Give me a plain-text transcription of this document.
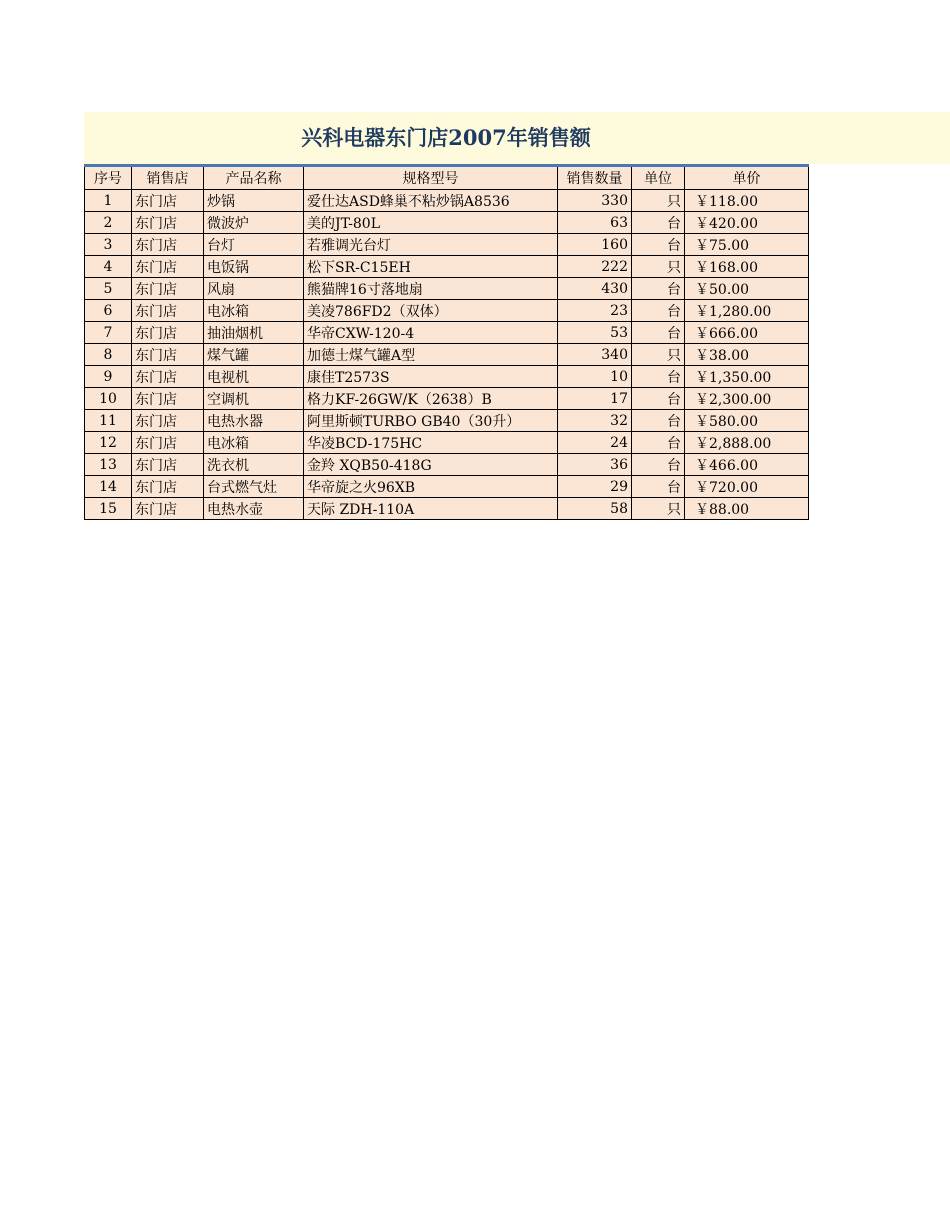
兴科电器东门店2007年销售额
序号	销售店	产品名称	规格型号	销售数量	单位	单价
1	东门店	炒锅	爱仕达ASD蜂巢不粘炒锅A8536	330	只	￥118.00
2	东门店	微波炉	美的JT-80L	63	台	￥420.00
3	东门店	台灯	若雅调光台灯	160	台	￥75.00
4	东门店	电饭锅	松下SR-C15EH	222	只	￥168.00
5	东门店	风扇	熊猫牌16寸落地扇	430	台	￥50.00
6	东门店	电冰箱	美凌786FD2（双体）	23	台	￥1,280.00
7	东门店	抽油烟机	华帝CXW-120-4	53	台	￥666.00
8	东门店	煤气罐	加德士煤气罐A型	340	只	￥38.00
9	东门店	电视机	康佳T2573S	10	台	￥1,350.00
10	东门店	空调机	格力KF-26GW/K（2638）B	17	台	￥2,300.00
11	东门店	电热水器	阿里斯顿TURBO GB40（30升）	32	台	￥580.00
12	东门店	电冰箱	华凌BCD-175HC	24	台	￥2,888.00
13	东门店	洗衣机	金羚 XQB50-418G	36	台	￥466.00
14	东门店	台式燃气灶	华帝旋之火96XB	29	台	￥720.00
15	东门店	电热水壶	天际 ZDH-110A	58	只	￥88.00
